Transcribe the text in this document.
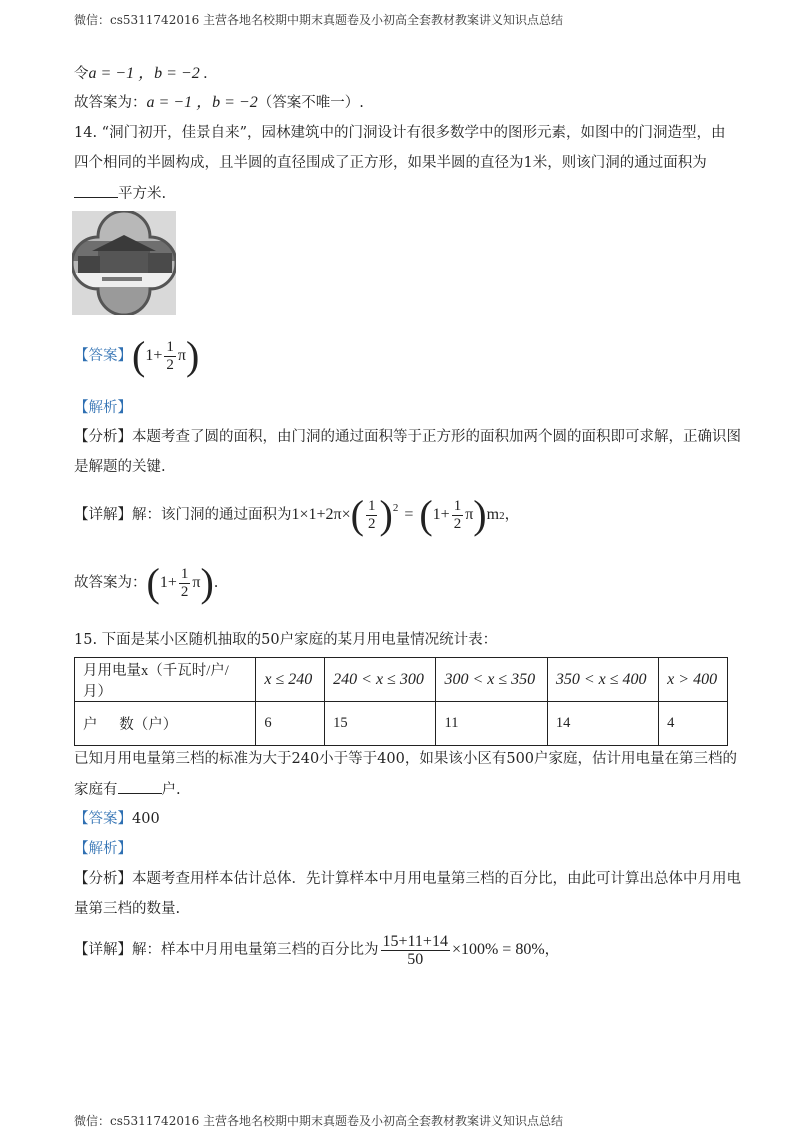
微信：cs5311742016 主营各地名校期中期末真题卷及小初高全套教材教案讲义知识点总结
令a = −1 ，b = −2 .
故答案为：a = −1 ，b = −2（答案不唯一）.
14. “洞门初开，佳景自来”，园林建筑中的门洞设计有很多数学中的图形元素，如图中的门洞造型，由
四个相同的半圆构成，且半圆的直径围成了正方形，如果半圆的直径为1米，则该门洞的通过面积为
平方米.
【答案】 ( $1+ \frac{1}{2}$ π )
【解析】
【分析】本题考查了圆的面积，由门洞的通过面积等于正方形的面积加两个圆的面积即可求解，正确识图
是解题的关键.
【详解】 解：该门洞的通过面积为 1×1+2π× ( $\frac{1}{2} )^2$ = ( $1+ \frac{1}{2}$ π ) m 2 ，
故答案为： ( $1+ \frac{1}{2}$ π ) .
15. 下面是某小区随机抽取的50户家庭的某月用电量情况统计表：
月用电量x（千瓦时/户/月）	x ≤ 240	240 < x ≤ 300	300 < x ≤ 350	350 < x ≤ 400	x > 400
户      数（户）	6	15	11	14	4
已知月用电量第三档的标准为大于240小于等于400，如果该小区有500户家庭，估计用电量在第三档的
家庭有	户.
【答案】400
【解析】
【分析】本题考查用样本估计总体．先计算样本中月用电量第三档的百分比，由此可计算出总体中月用电
量第三档的数量.
【详解】 解：样本中月用电量第三档的百分比为 $\frac{15+11+14}{50} \times 100\% = 80\%$ ，
微信：cs5311742016 主营各地名校期中期末真题卷及小初高全套教材教案讲义知识点总结
